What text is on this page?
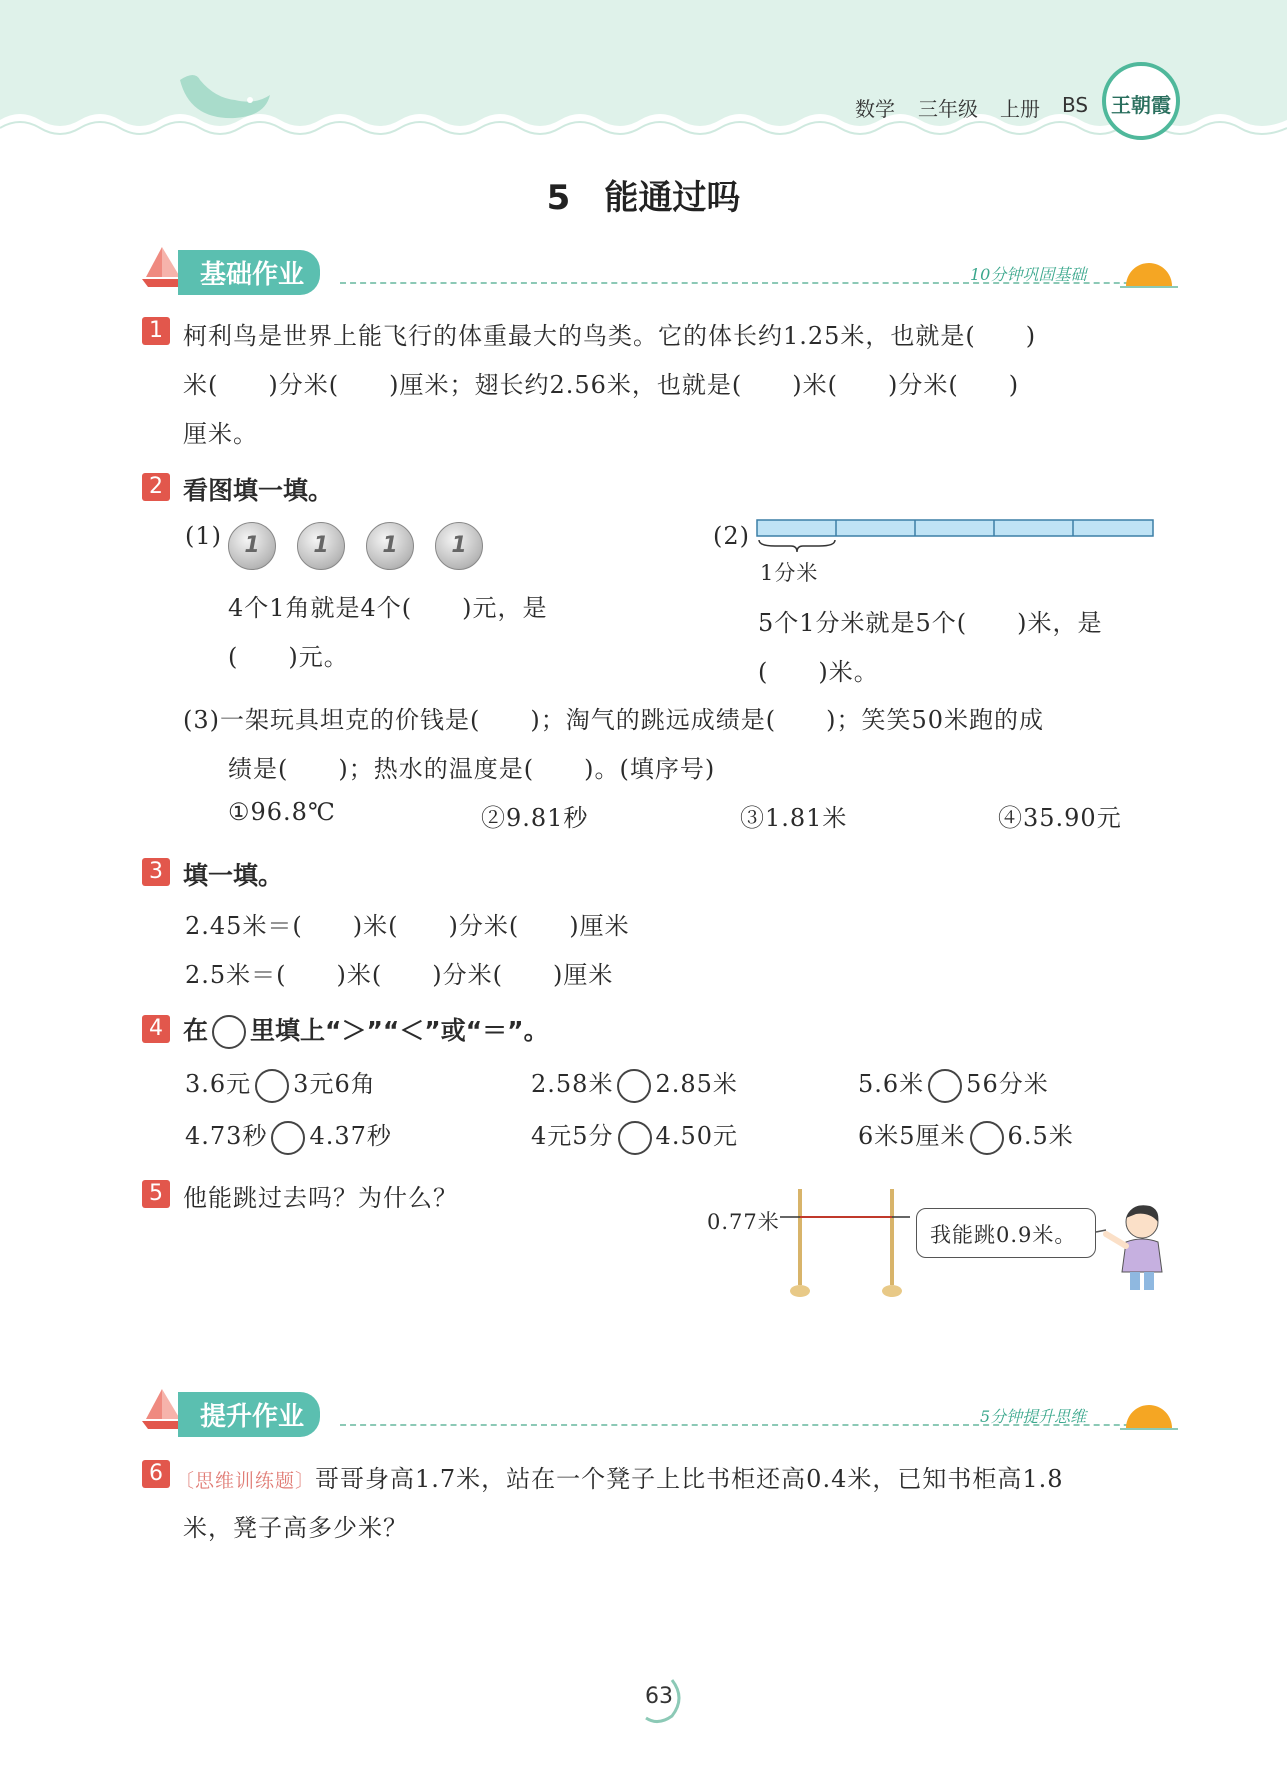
数学 三年级 上册 BS	王朝霞
5　能通过吗
基础作业	10分钟巩固基础
1 柯利鸟是世界上能飞行的体重最大的鸟类。它的体长约1.25米，也就是(　　)
米(　　)分米(　　)厘米；翅长约2.56米，也就是(　　)米(　　)分米(　　)
厘米。
2 看图填一填。
(1)	1	1	1	1
4个1角就是4个(　　)元，是
(　　)元。
(2)
1分米
5个1分米就是5个(　　)米，是
(　　)米。
(3)一架玩具坦克的价钱是(　　)；淘气的跳远成绩是(　　)；笑笑50米跑的成
绩是(　　)；热水的温度是(　　)。(填序号)
①96.8℃	②9.81秒	③1.81米	④35.90元
3 填一填。
2.45米＝(　　)米(　　)分米(　　)厘米
2.5米＝(　　)米(　　)分米(　　)厘米
4 在 里填上“＞”“＜”或“＝”。
3.6元 3元6角	2.58米 2.85米	5.6米 56分米
4.73秒 4.37秒	4元5分 4.50元	6米5厘米 6.5米
5 他能跳过去吗？为什么？
0.77米
我能跳0.9米。
提升作业	5分钟提升思维
6 〔思维训练题〕哥哥身高1.7米，站在一个凳子上比书柜还高0.4米，已知书柜高1.8
米，凳子高多少米？
63
